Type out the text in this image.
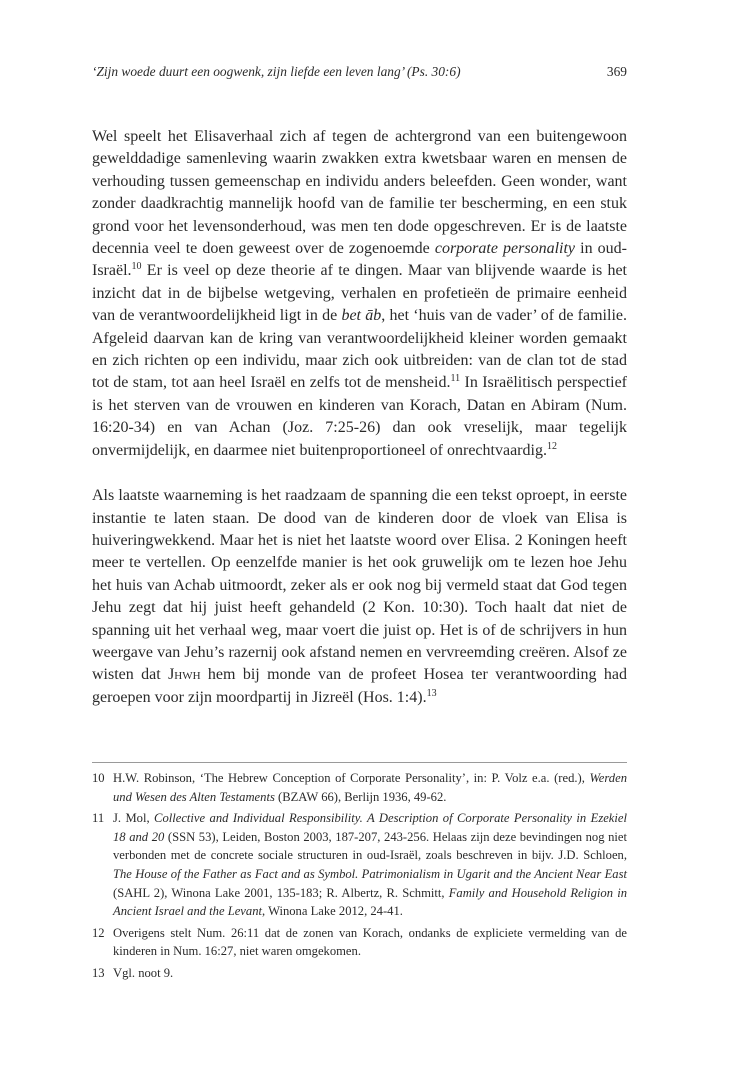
‘Zijn woede duurt een oogwenk, zijn liefde een leven lang’ (Ps. 30:6)	369

Wel speelt het Elisaverhaal zich af tegen de achtergrond van een buitengewoon gewelddadige samenleving waarin zwakken extra kwetsbaar waren en mensen de verhouding tussen gemeenschap en individu anders beleefden. Geen wonder, want zonder daadkrachtig mannelijk hoofd van de familie ter bescherming, en een stuk grond voor het levensonderhoud, was men ten dode opgeschreven. Er is de laatste decennia veel te doen geweest over de zogenoemde corporate personality in oud-Israël.$^{10}$ Er is veel op deze theorie af te dingen. Maar van blijvende waarde is het inzicht dat in de bijbelse wetgeving, verhalen en profetieën de primaire eenheid van de verantwoordelijkheid ligt in de bet āb, het ‘huis van de vader’ of de familie. Afgeleid daarvan kan de kring van verantwoordelijkheid kleiner worden gemaakt en zich richten op een individu, maar zich ook uitbreiden: van de clan tot de stad tot de stam, tot aan heel Israël en zelfs tot de mensheid.$^{11}$ In Israëlitisch perspectief is het sterven van de vrouwen en kinderen van Korach, Datan en Abiram (Num. 16:20-34) en van Achan (Joz. 7:25-26) dan ook vreselijk, maar tegelijk onvermijdelijk, en daarmee niet buitenproportioneel of onrechtvaardig.$^{12}$

Als laatste waarneming is het raadzaam de spanning die een tekst oproept, in eerste instantie te laten staan. De dood van de kinderen door de vloek van Elisa is huiveringwekkend. Maar het is niet het laatste woord over Elisa. 2 Koningen heeft meer te vertellen. Op eenzelfde manier is het ook gruwelijk om te lezen hoe Jehu het huis van Achab uitmoordt, zeker als er ook nog bij vermeld staat dat God tegen Jehu zegt dat hij juist heeft gehandeld (2 Kon. 10:30). Toch haalt dat niet de spanning uit het verhaal weg, maar voert die juist op. Het is of de schrijvers in hun weergave van Jehu’s razernij ook afstand nemen en vervreemding creëren. Alsof ze wisten dat Jhwh hem bij monde van de profeet Hosea ter verantwoording had geroepen voor zijn moordpartij in Jizreël (Hos. 1:4).$^{13}$

10 H.W. Robinson, ‘The Hebrew Conception of Corporate Personality’, in: P. Volz e.a. (red.), Werden und Wesen des Alten Testaments (BZAW 66), Berlijn 1936, 49-62.
11 J. Mol, Collective and Individual Responsibility. A Description of Corporate Personality in Ezekiel 18 and 20 (SSN 53), Leiden, Boston 2003, 187-207, 243-256. Helaas zijn deze bevindingen nog niet verbonden met de concrete sociale structuren in oud-Israël, zoals beschreven in bijv. J.D. Schloen, The House of the Father as Fact and as Symbol. Patrimonialism in Ugarit and the Ancient Near East (SAHL 2), Winona Lake 2001, 135-183; R. Albertz, R. Schmitt, Family and Household Religion in Ancient Israel and the Levant, Winona Lake 2012, 24-41.
12 Overigens stelt Num. 26:11 dat de zonen van Korach, ondanks de expliciete vermelding van de kinderen in Num. 16:27, niet waren omgekomen.
13 Vgl. noot 9.
